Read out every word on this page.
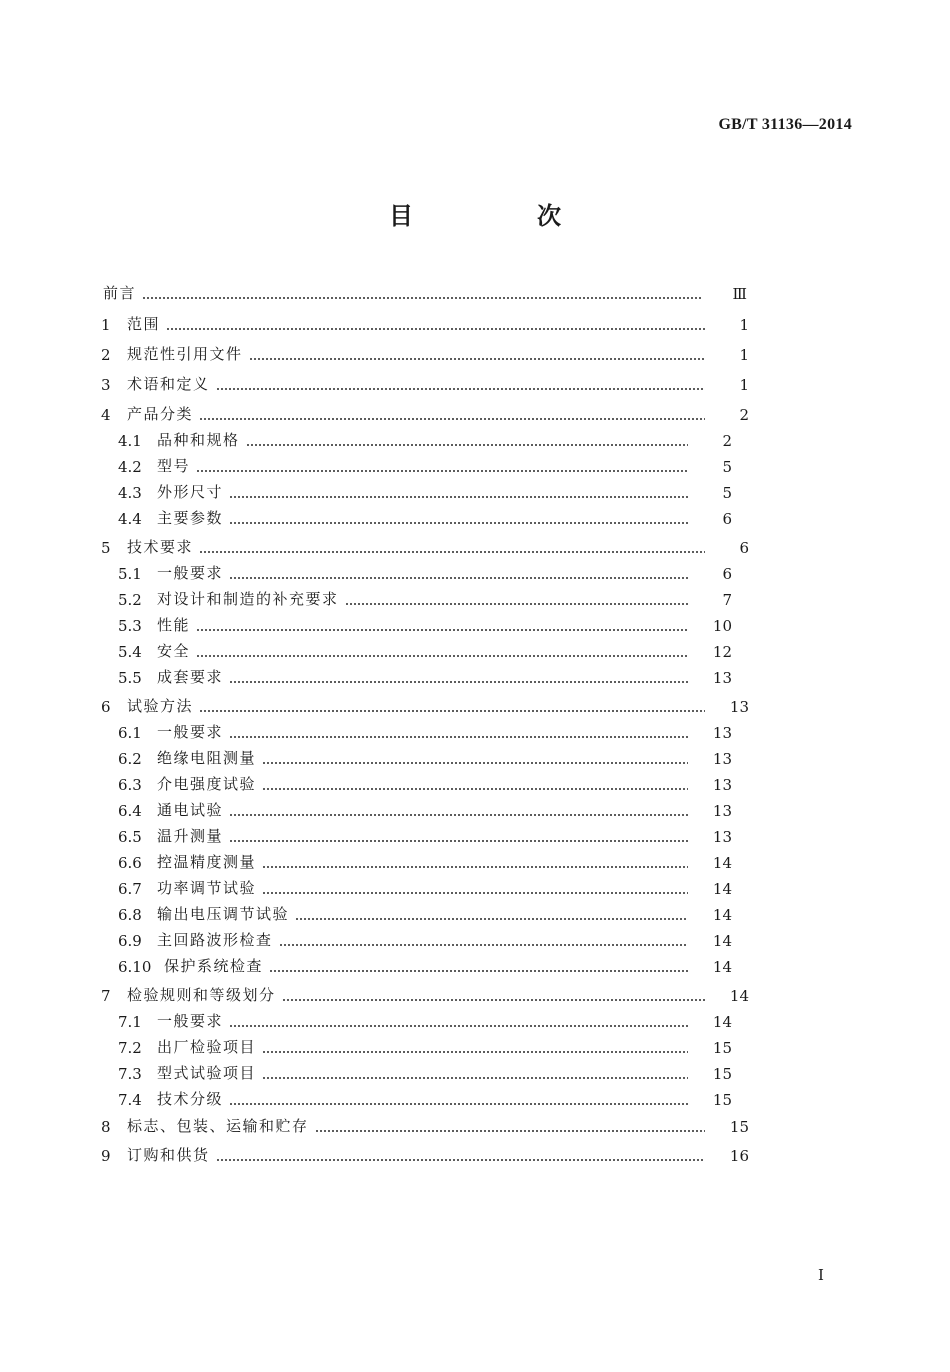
GB/T 31136—2014
目　次
前言	Ⅲ
1	范围	1
2	规范性引用文件	1
3	术语和定义	1
4	产品分类	2
4.1	品种和规格	2
4.2	型号	5
4.3	外形尺寸	5
4.4	主要参数	6
5	技术要求	6
5.1	一般要求	6
5.2	对设计和制造的补充要求	7
5.3	性能	10
5.4	安全	12
5.5	成套要求	13
6	试验方法	13
6.1	一般要求	13
6.2	绝缘电阻测量	13
6.3	介电强度试验	13
6.4	通电试验	13
6.5	温升测量	13
6.6	控温精度测量	14
6.7	功率调节试验	14
6.8	输出电压调节试验	14
6.9	主回路波形检查	14
6.10 保护系统检查	14
7	检验规则和等级划分	14
7.1	一般要求	14
7.2	出厂检验项目	15
7.3	型式试验项目	15
7.4	技术分级	15
8	标志、包装、运输和贮存	15
9	订购和供货	16
I
